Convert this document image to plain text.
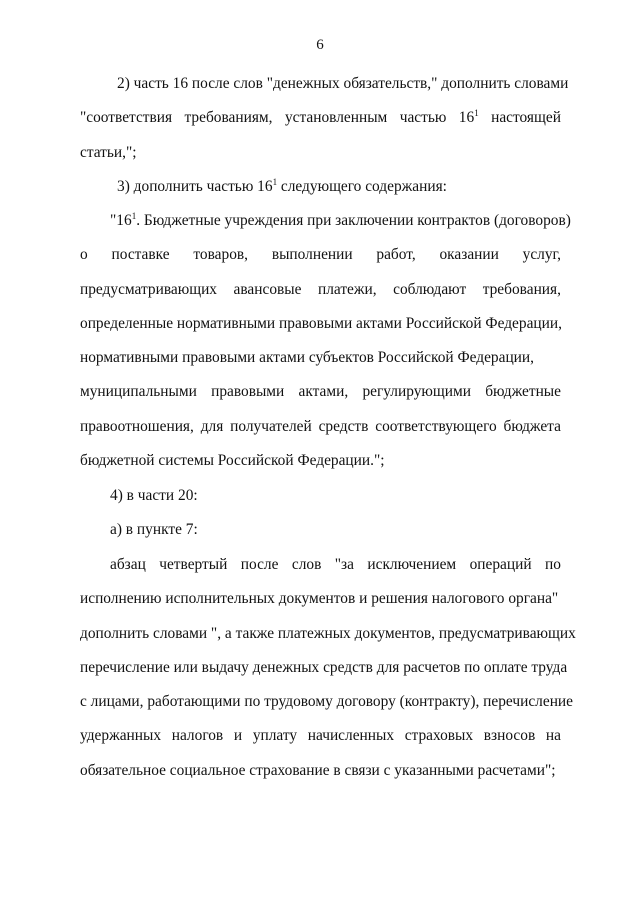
6
2) часть 16 после слов "денежных обязательств," дополнить словами
"соответствия требованиям, установленным частью $16^1$ настоящей
статьи,";
3) дополнить частью $16^1$ следующего содержания:
"$16^1$. Бюджетные учреждения при заключении контрактов (договоров)
о поставке товаров, выполнении работ, оказании услуг,
предусматривающих авансовые платежи, соблюдают требования,
определенные нормативными правовыми актами Российской Федерации,
нормативными правовыми актами субъектов Российской Федерации,
муниципальными правовыми актами, регулирующими бюджетные
правоотношения, для получателей средств соответствующего бюджета
бюджетной системы Российской Федерации.";
4) в части 20:
а) в пункте 7:
абзац четвертый после слов "за исключением операций по
исполнению исполнительных документов и решения налогового органа"
дополнить словами ", а также платежных документов, предусматривающих
перечисление или выдачу денежных средств для расчетов по оплате труда
с лицами, работающими по трудовому договору (контракту), перечисление
удержанных налогов и уплату начисленных страховых взносов на
обязательное социальное страхование в связи с указанными расчетами";
